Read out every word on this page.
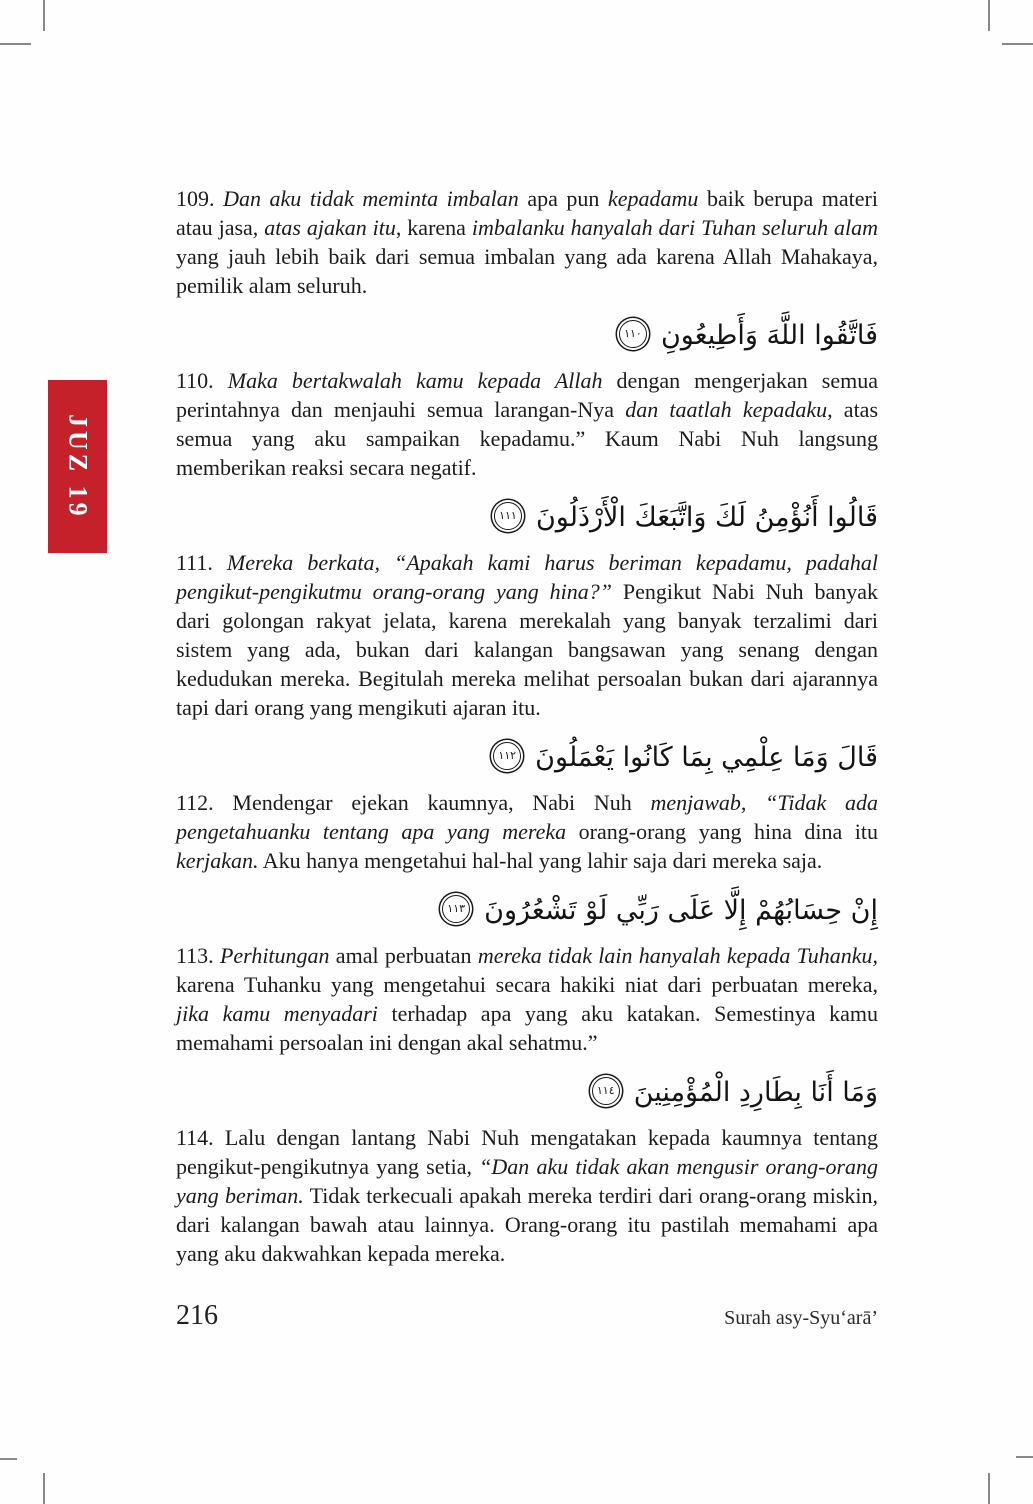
JUZ 19

109. Dan aku tidak meminta imbalan apa pun kepadamu baik berupa materi atau jasa, atas ajakan itu, karena imbalanku hanyalah dari Tuhan seluruh alam yang jauh lebih baik dari semua imbalan yang ada karena Allah Mahakaya, pemilik alam seluruh.

فَاتَّقُوا اللَّهَ وَأَطِيعُونِ
١١٠

110. Maka bertakwalah kamu kepada Allah dengan mengerjakan semua perintahnya dan menjauhi semua larangan-Nya dan taatlah kepadaku, atas semua yang aku sampaikan kepadamu.” Kaum Nabi Nuh langsung memberikan reaksi secara negatif.

قَالُوا أَنُؤْمِنُ لَكَ وَاتَّبَعَكَ الْأَرْذَلُونَ
١١١

111. Mereka berkata, “Apakah kami harus beriman kepadamu, padahal pengikut-pengikutmu orang-orang yang hina?” Pengikut Nabi Nuh banyak dari golongan rakyat jelata, karena merekalah yang banyak terzalimi dari sistem yang ada, bukan dari kalangan bangsawan yang senang dengan kedudukan mereka. Begitulah mereka melihat persoalan bukan dari ajarannya tapi dari orang yang mengikuti ajaran itu.

قَالَ وَمَا عِلْمِي بِمَا كَانُوا يَعْمَلُونَ
١١٢

112. Mendengar ejekan kaumnya, Nabi Nuh menjawab, “Tidak ada pengetahuanku tentang apa yang mereka orang-orang yang hina dina itu kerjakan. Aku hanya mengetahui hal-hal yang lahir saja dari mereka saja.

إِنْ حِسَابُهُمْ إِلَّا عَلَى رَبِّي لَوْ تَشْعُرُونَ
١١٣

113. Perhitungan amal perbuatan mereka tidak lain hanyalah kepada Tuhanku, karena Tuhanku yang mengetahui secara hakiki niat dari perbuatan mereka, jika kamu menyadari terhadap apa yang aku katakan. Semestinya kamu memahami persoalan ini dengan akal sehatmu.”

وَمَا أَنَا بِطَارِدِ الْمُؤْمِنِينَ
١١٤

114. Lalu dengan lantang Nabi Nuh mengatakan kepada kaumnya tentang pengikut-pengikutnya yang setia, “Dan aku tidak akan mengusir orang-orang yang beriman. Tidak terkecuali apakah mereka terdiri dari orang-orang miskin, dari kalangan bawah atau lainnya. Orang-orang itu pastilah memahami apa yang aku dakwahkan kepada mereka.

216	Surah asy-Syu‘arā’
